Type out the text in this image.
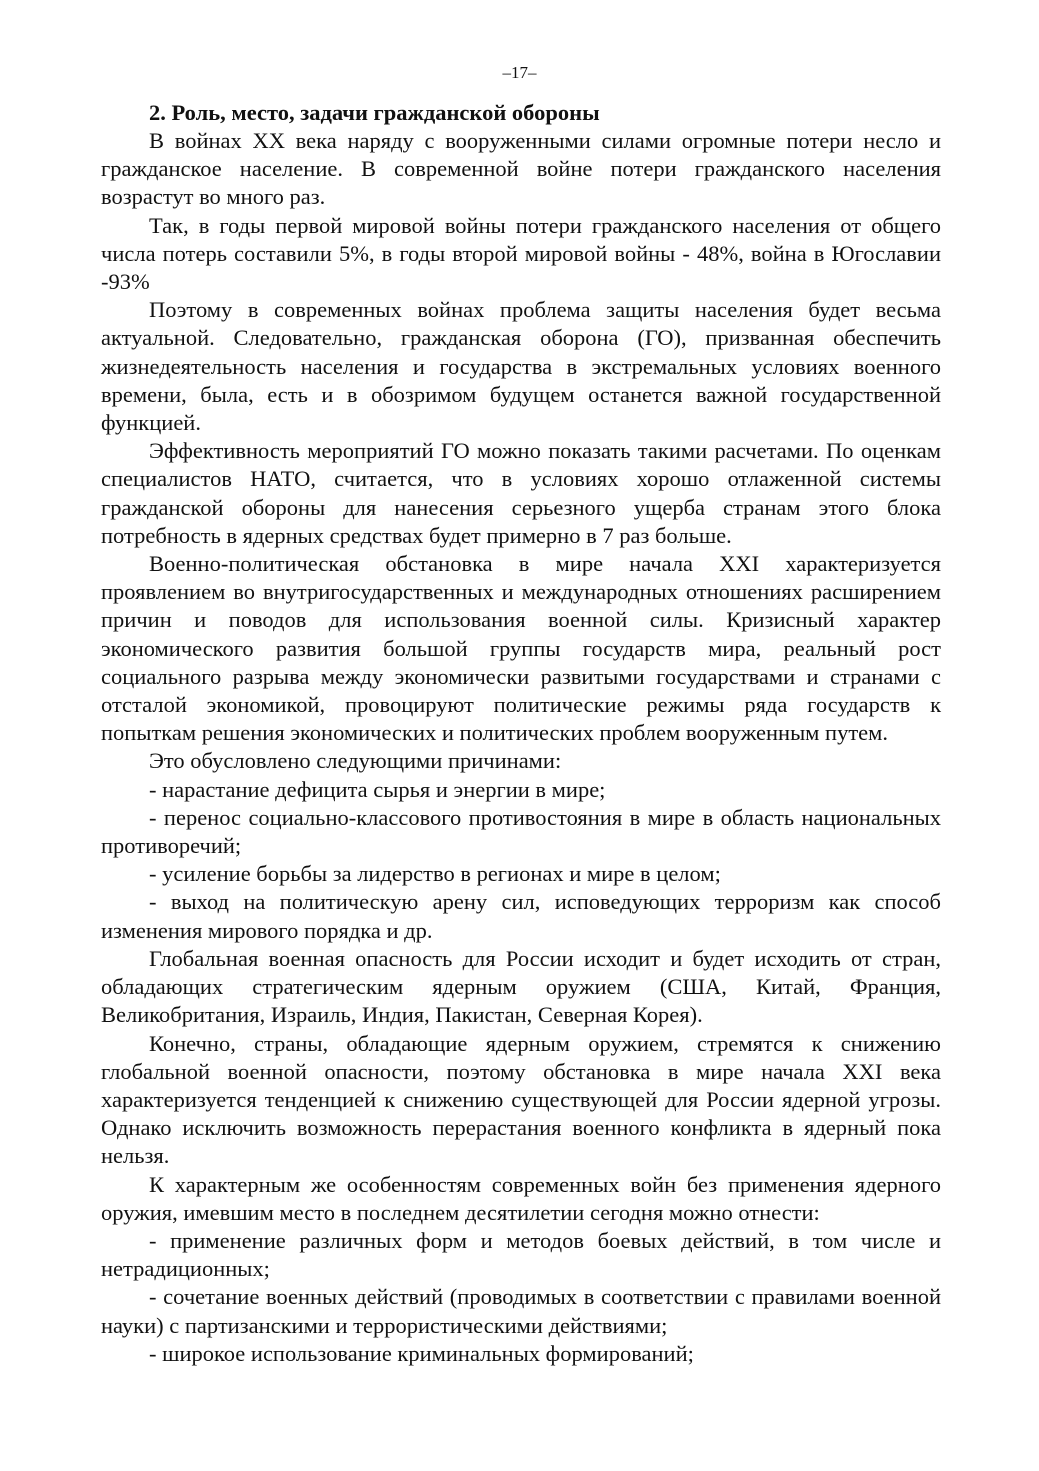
–17–
2. Роль, место, задачи гражданской обороны

В войнах XX века наряду с вооруженными силами огромные потери несло и гражданское население. В современной войне потери гражданского населения возрастут во много раз.

Так, в годы первой мировой войны потери гражданского населения от общего числа потерь составили 5%, в годы второй мировой войны - 48%, война в Югославии -93%

Поэтому в современных войнах проблема защиты населения будет весьма актуальной. Следовательно, гражданская оборона (ГО), призванная обеспечить жизнедеятельность населения и государства в экстремальных условиях военного времени, была, есть и в обозримом будущем останется важной государственной функцией.

Эффективность мероприятий ГО можно показать такими расчетами. По оценкам специалистов НАТО, считается, что в условиях хорошо отлаженной системы гражданской обороны для нанесения серьезного ущерба странам этого блока потребность в ядерных средствах будет примерно в 7 раз больше.

Военно-политическая обстановка в мире начала XXI характеризуется проявлением во внутригосударственных и международных отношениях расширением причин и поводов для использования военной силы. Кризисный характер экономического развития большой группы государств мира, реальный рост социального разрыва между экономически развитыми государствами и странами с отсталой экономикой, провоцируют политические режимы ряда государств к попыткам решения экономических и политических проблем вооруженным путем.

Это обусловлено следующими причинами:

- нарастание дефицита сырья и энергии в мире;

- перенос социально-классового противостояния в мире в область национальных противоречий;

- усиление борьбы за лидерство в регионах и мире в целом;

- выход на политическую арену сил, исповедующих терроризм как способ изменения мирового порядка и др.

Глобальная военная опасность для России исходит и будет исходить от стран, обладающих стратегическим ядерным оружием (США, Китай, Франция, Великобритания, Израиль, Индия, Пакистан, Северная Корея).

Конечно, страны, обладающие ядерным оружием, стремятся к снижению глобальной военной опасности, поэтому обстановка в мире начала XXI века характеризуется тенденцией к снижению существующей для России ядерной угрозы. Однако исключить возможность перерастания военного конфликта в ядерный пока нельзя.

К характерным же особенностям современных войн без применения ядерного оружия, имевшим место в последнем десятилетии сегодня можно отнести:

- применение различных форм и методов боевых действий, в том числе и нетрадиционных;

- сочетание военных действий (проводимых в соответствии с правилами военной науки) с партизанскими и террористическими действиями;

- широкое использование криминальных формирований;
